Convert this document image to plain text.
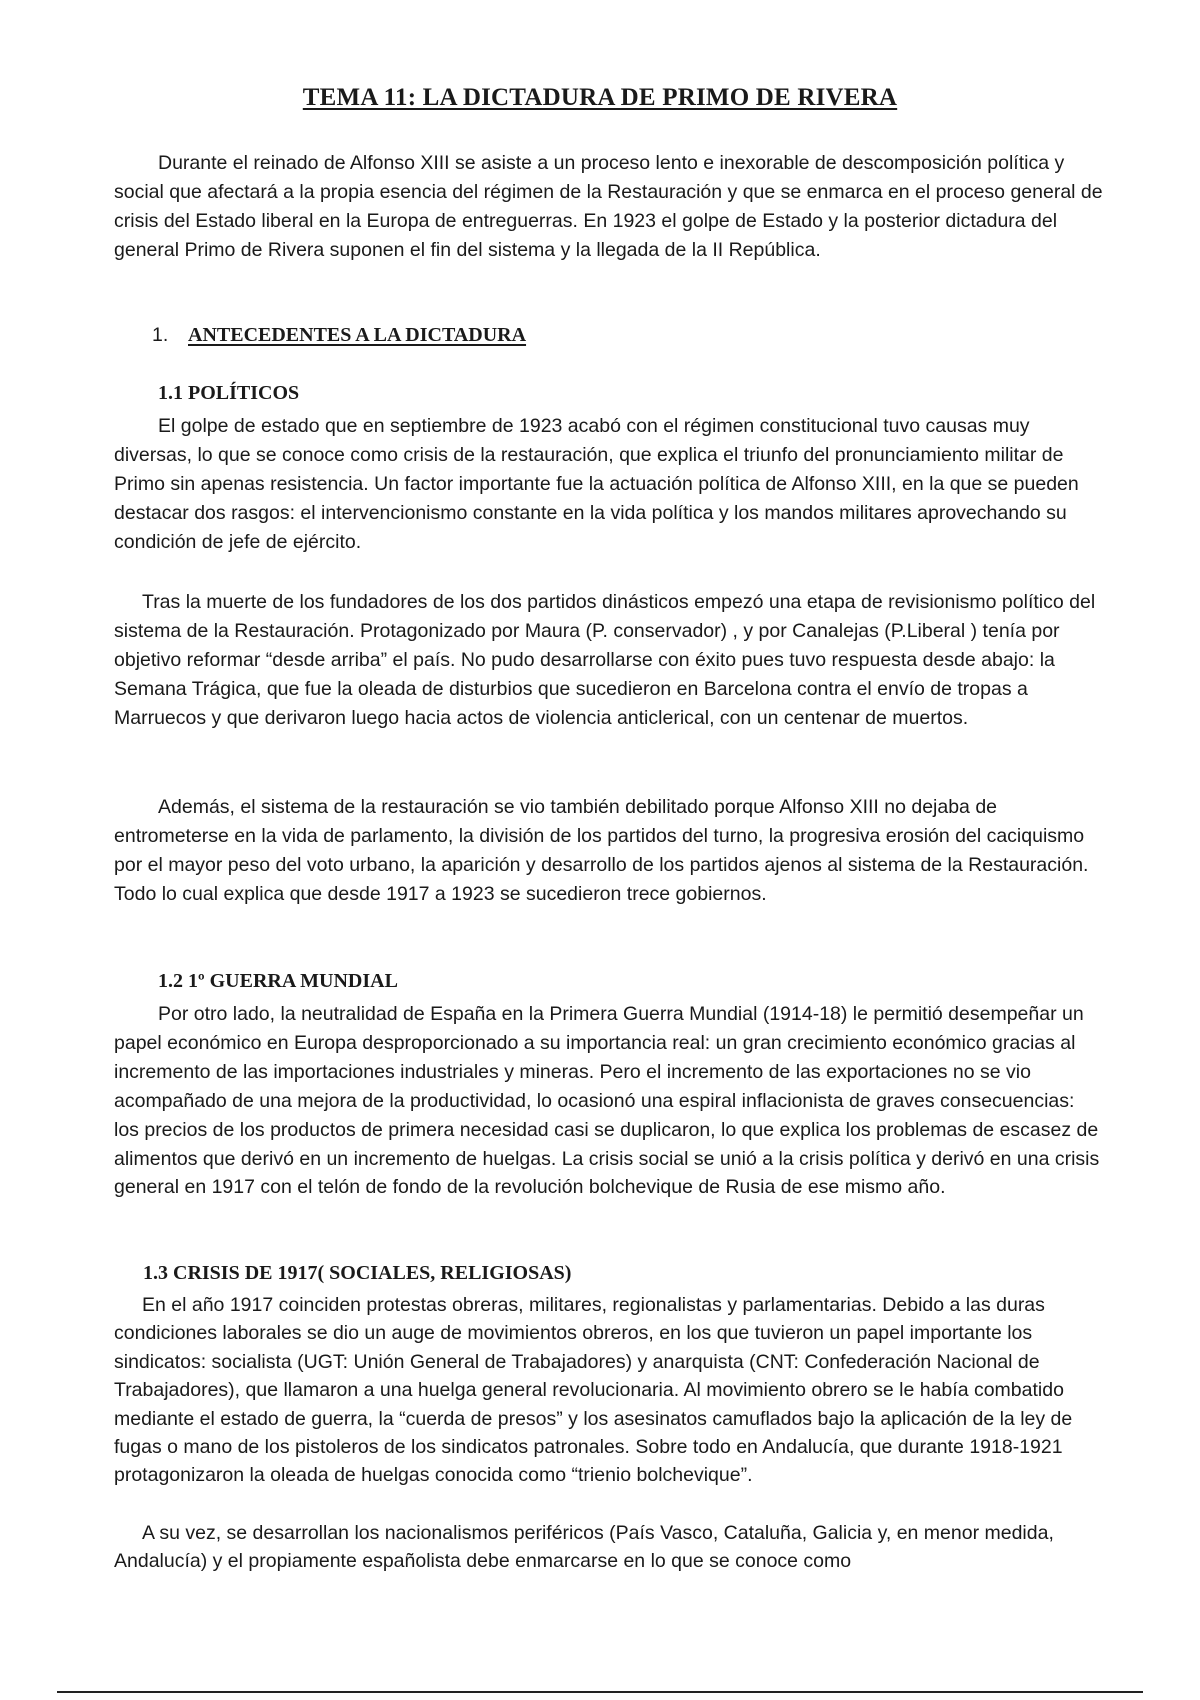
TEMA 11: LA DICTADURA DE PRIMO DE RIVERA

Durante el reinado de Alfonso XIII se asiste a un proceso lento e inexorable de descomposición política y social que afectará a la propia esencia del régimen de la Restauración y que se enmarca en el proceso general de crisis del Estado liberal en la Europa de entreguerras. En 1923 el golpe de Estado y la posterior dictadura del general Primo de Rivera suponen el fin del sistema y la llegada de la II República.

1. ANTECEDENTES A LA DICTADURA
1.1 POLÍTICOS

El golpe de estado que en septiembre de 1923 acabó con el régimen constitucional tuvo causas muy diversas, lo que se conoce como crisis de la restauración, que explica el triunfo del pronunciamiento militar de Primo sin apenas resistencia. Un factor importante fue la actuación política de Alfonso XIII, en la que se pueden destacar dos rasgos: el intervencionismo constante en la vida política y los mandos militares aprovechando su condición de jefe de ejército.

Tras la muerte de los fundadores de los dos partidos dinásticos empezó una etapa de revisionismo político del sistema de la Restauración. Protagonizado por Maura (P. conservador) , y por Canalejas (P.Liberal ) tenía por objetivo reformar “desde arriba” el país. No pudo desarrollarse con éxito pues tuvo respuesta desde abajo: la Semana Trágica, que fue la oleada de disturbios que sucedieron en Barcelona contra el envío de tropas a Marruecos y que derivaron luego hacia actos de violencia anticlerical, con un centenar de muertos.

Además, el sistema de la restauración se vio también debilitado porque Alfonso XIII no dejaba de entrometerse en la vida de parlamento, la división de los partidos del turno, la progresiva erosión del caciquismo por el mayor peso del voto urbano, la aparición y desarrollo de los partidos ajenos al sistema de la Restauración. Todo lo cual explica que desde 1917 a 1923 se sucedieron trece gobiernos.

1.2 1º GUERRA MUNDIAL

Por otro lado, la neutralidad de España en la Primera Guerra Mundial (1914-18) le permitió desempeñar un papel económico en Europa desproporcionado a su importancia real: un gran crecimiento económico gracias al incremento de las importaciones industriales y mineras. Pero el incremento de las exportaciones no se vio acompañado de una mejora de la productividad, lo ocasionó una espiral inflacionista de graves consecuencias: los precios de los productos de primera necesidad casi se duplicaron, lo que explica los problemas de escasez de alimentos que derivó en un incremento de huelgas. La crisis social se unió a la crisis política y derivó en una crisis general en 1917 con el telón de fondo de la revolución bolchevique de Rusia de ese mismo año.

1.3 CRISIS DE 1917( SOCIALES, RELIGIOSAS)

En el año 1917 coinciden protestas obreras, militares, regionalistas y parlamentarias. Debido a las duras condiciones laborales se dio un auge de movimientos obreros, en los que tuvieron un papel importante los sindicatos: socialista (UGT: Unión General de Trabajadores) y anarquista (CNT: Confederación Nacional de Trabajadores), que llamaron a una huelga general revolucionaria. Al movimiento obrero se le había combatido mediante el estado de guerra, la “cuerda de presos” y los asesinatos camuflados bajo la aplicación de la ley de fugas o mano de los pistoleros de los sindicatos patronales. Sobre todo en Andalucía, que durante 1918-1921 protagonizaron la oleada de huelgas conocida como “trienio bolchevique”.

A su vez, se desarrollan los nacionalismos periféricos (País Vasco, Cataluña, Galicia y, en menor medida, Andalucía) y el propiamente españolista debe enmarcarse en lo que se conoce como
